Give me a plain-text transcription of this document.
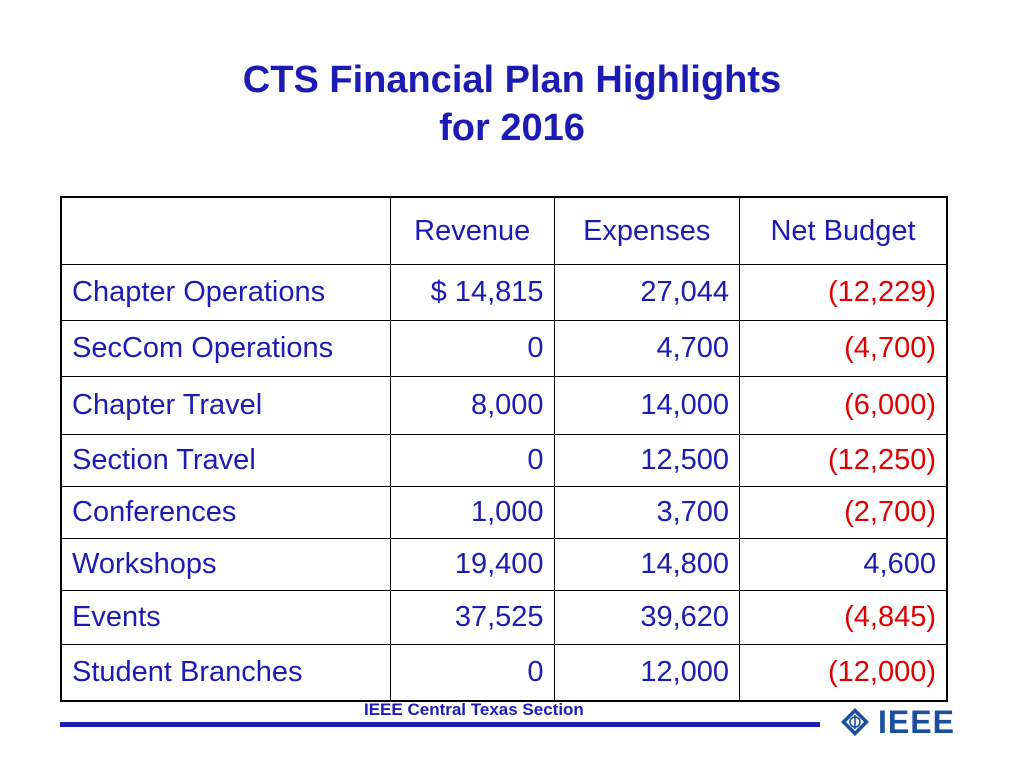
CTS Financial Plan Highlights
for 2016
	Revenue	Expenses	Net Budget
Chapter Operations	$ 14,815	27,044	(12,229)
SecCom Operations	0	4,700	(4,700)
Chapter Travel	8,000	14,000	(6,000)
Section Travel	0	12,500	(12,250)
Conferences	1,000	3,700	(2,700)
Workshops	19,400	14,800	4,600
Events	37,525	39,620	(4,845)
Student Branches	0	12,000	(12,000)
IEEE Central Texas Section	IEEE
